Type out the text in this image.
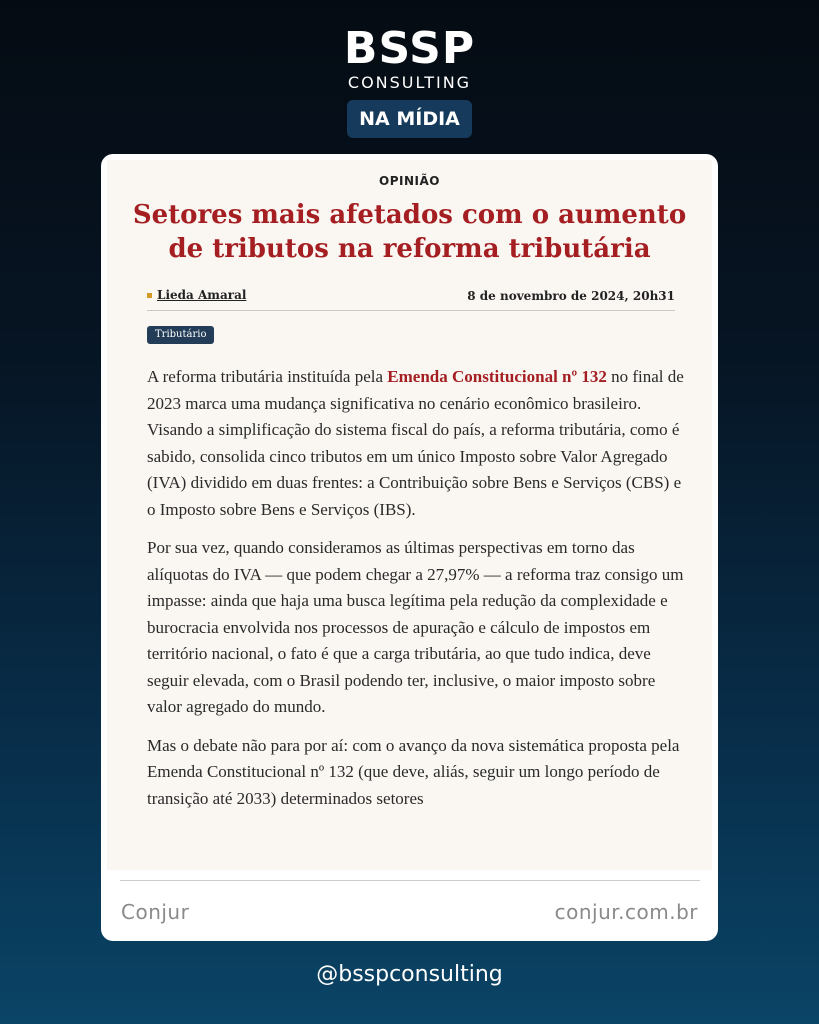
BSSP
CONSULTING
NA MÍDIA
OPINIÃO
Setores mais afetados com o aumento de tributos na reforma tributária
Lieda Amaral	8 de novembro de 2024, 20h31
Tributário

A reforma tributária instituída pela Emenda Constitucional nº 132 no final de 2023 marca uma mudança significativa no cenário econômico brasileiro. Visando a simplificação do sistema fiscal do país, a reforma tributária, como é sabido, consolida cinco tributos em um único Imposto sobre Valor Agregado (IVA) dividido em duas frentes: a Contribuição sobre Bens e Serviços (CBS) e o Imposto sobre Bens e Serviços (IBS).

Por sua vez, quando consideramos as últimas perspectivas em torno das alíquotas do IVA — que podem chegar a 27,97% — a reforma traz consigo um impasse: ainda que haja uma busca legítima pela redução da complexidade e burocracia envolvida nos processos de apuração e cálculo de impostos em território nacional, o fato é que a carga tributária, ao que tudo indica, deve seguir elevada, com o Brasil podendo ter, inclusive, o maior imposto sobre valor agregado do mundo.

Mas o debate não para por aí: com o avanço da nova sistemática proposta pela Emenda Constitucional nº 132 (que deve, aliás, seguir um longo período de transição até 2033) determinados setores

Conjur	conjur.com.br
@bsspconsulting
